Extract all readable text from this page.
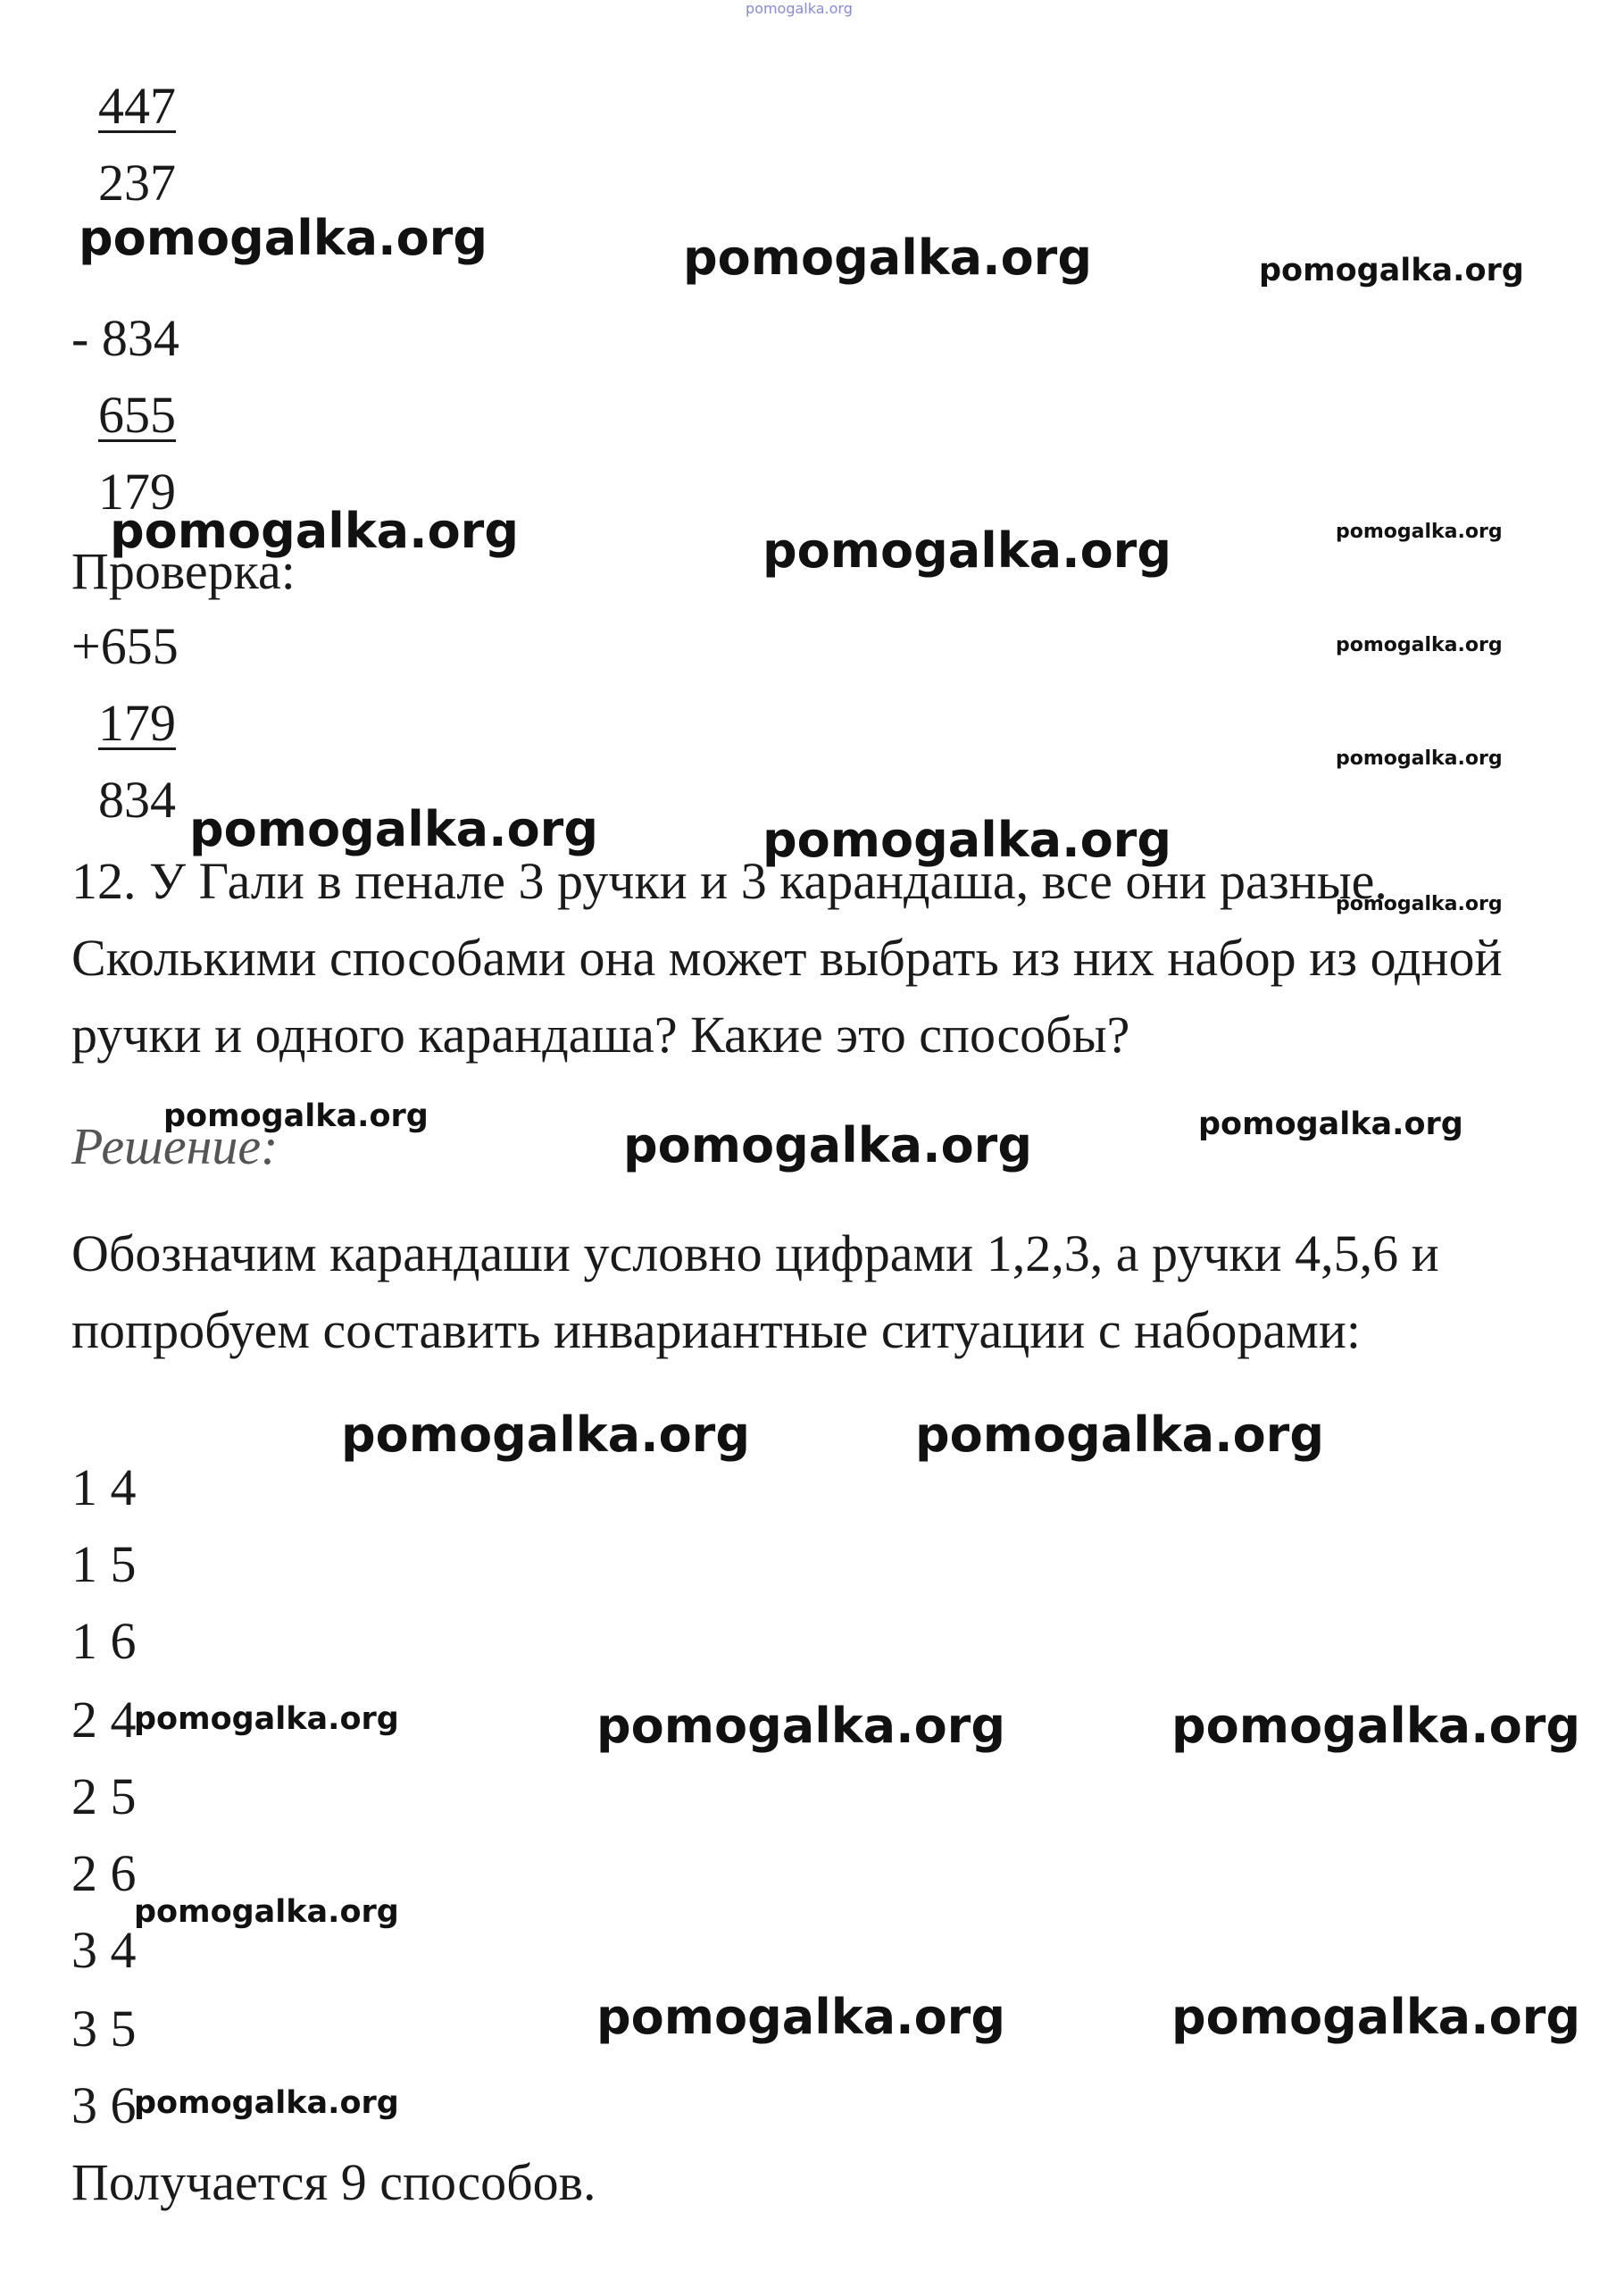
pomogalka.org
447
237
- 834
655
179
Проверка:
+655
179
834
12. У Гали в пенале 3 ручки и 3 карандаша, все они разные.
Сколькими способами она может выбрать из них набор из одной
ручки и одного карандаша? Какие это способы?
Решение:
Обозначим карандаши условно цифрами 1,2,3, а ручки 4,5,6 и
попробуем составить инвариантные ситуации с наборами:
1 4
1 5
1 6
2 4
2 5
2 6
3 4
3 5
3 6
Получается 9 способов.
pomogalka.org	pomogalka.org	pomogalka.org
pomogalka.org	pomogalka.org	pomogalka.org
pomogalka.org
pomogalka.org
pomogalka.org	pomogalka.org
pomogalka.org
pomogalka.org
pomogalka.org	pomogalka.org
pomogalka.org	pomogalka.org
pomogalka.org	pomogalka.org	pomogalka.org
pomogalka.org
pomogalka.org	pomogalka.org
pomogalka.org
